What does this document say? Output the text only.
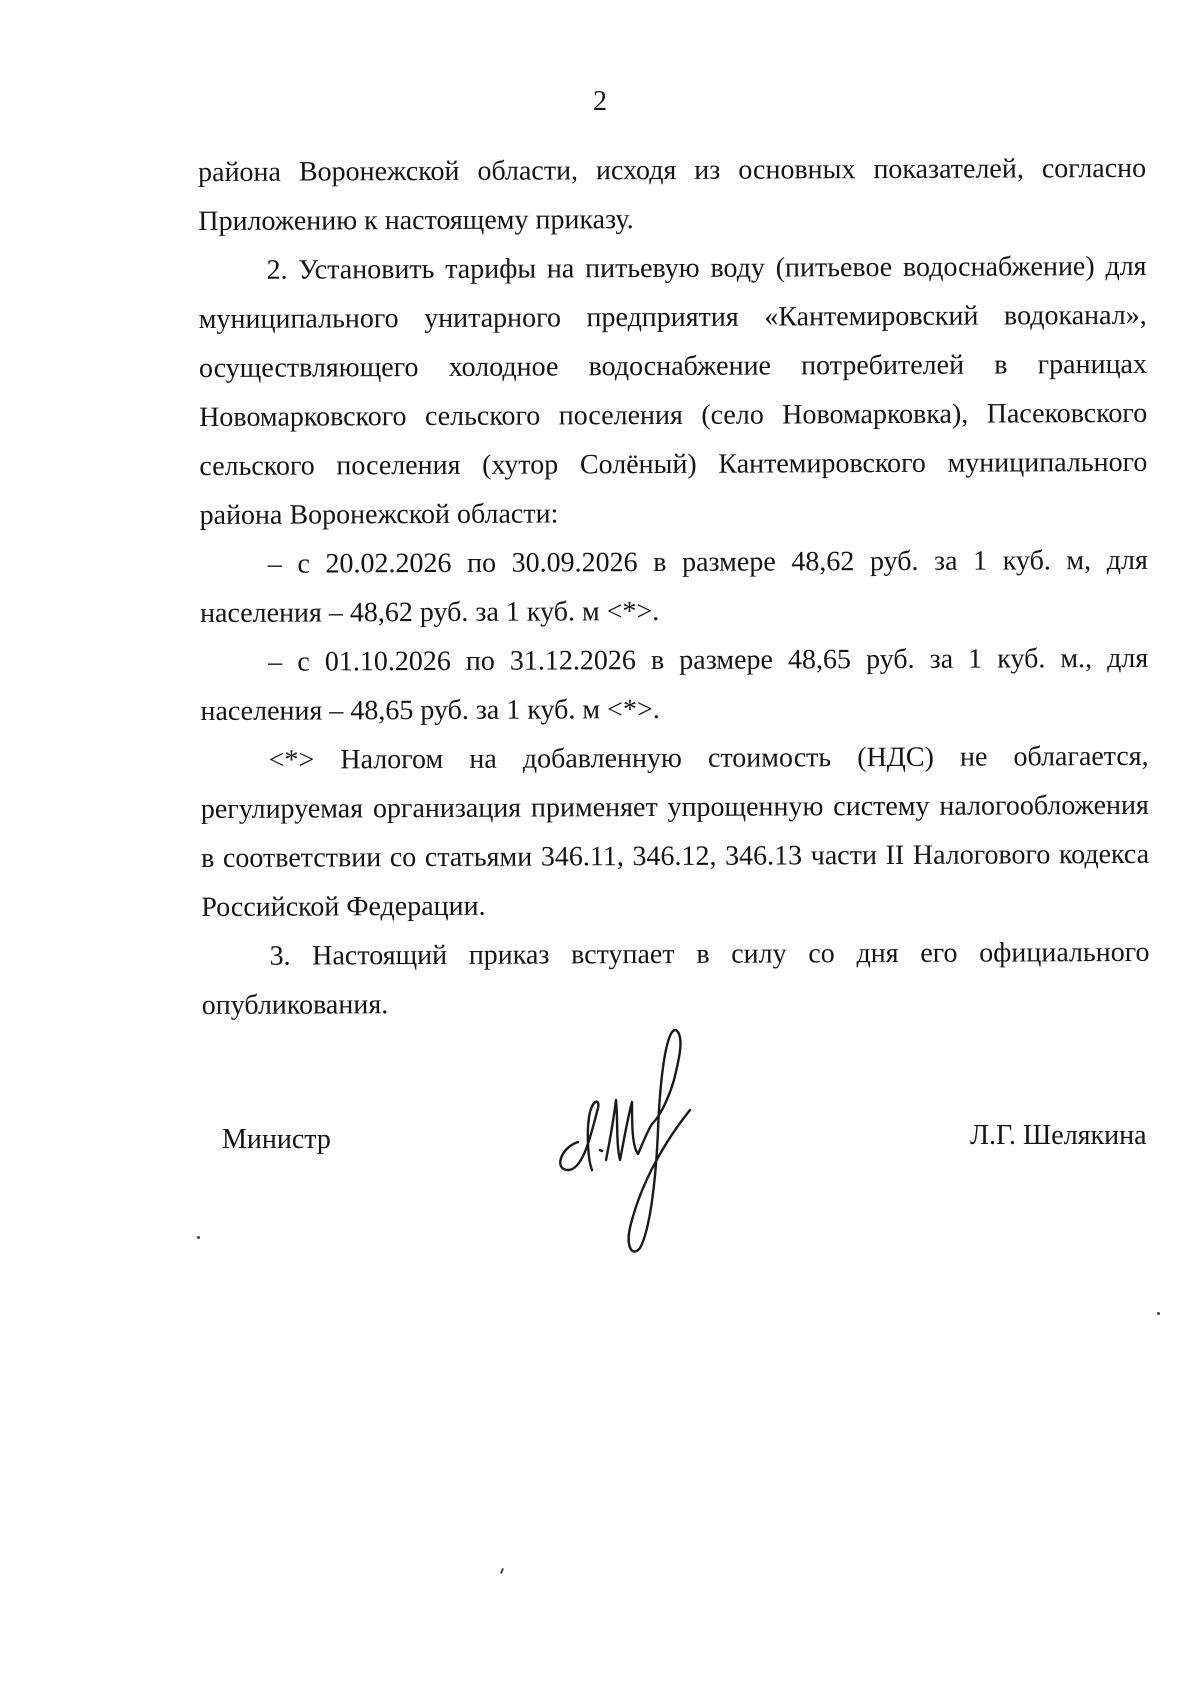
2

района Воронежской области, исходя из основных показателей, согласно Приложению к настоящему приказу.

2. Установить тарифы на питьевую воду (питьевое водоснабжение) для муниципального унитарного предприятия «Кантемировский водоканал», осуществляющего холодное водоснабжение потребителей в границах Новомарковского сельского поселения (село Новомарковка), Пасековского сельского поселения (хутор Солёный) Кантемировского муниципального района Воронежской области:

– с 20.02.2026 по 30.09.2026 в размере 48,62 руб. за 1 куб. м, для населения – 48,62 руб. за 1 куб. м <*>.

– с 01.10.2026 по 31.12.2026 в размере 48,65 руб. за 1 куб. м., для населения – 48,65 руб. за 1 куб. м <*>.

<*> Налогом на добавленную стоимость (НДС) не облагается, регулируемая организация применяет упрощенную систему налогообложения в соответствии со статьями 346.11, 346.12, 346.13 части II Налогового кодекса Российской Федерации.

3. Настоящий приказ вступает в силу со дня его официального опубликования.

Министр	Л.Г. Шелякина
